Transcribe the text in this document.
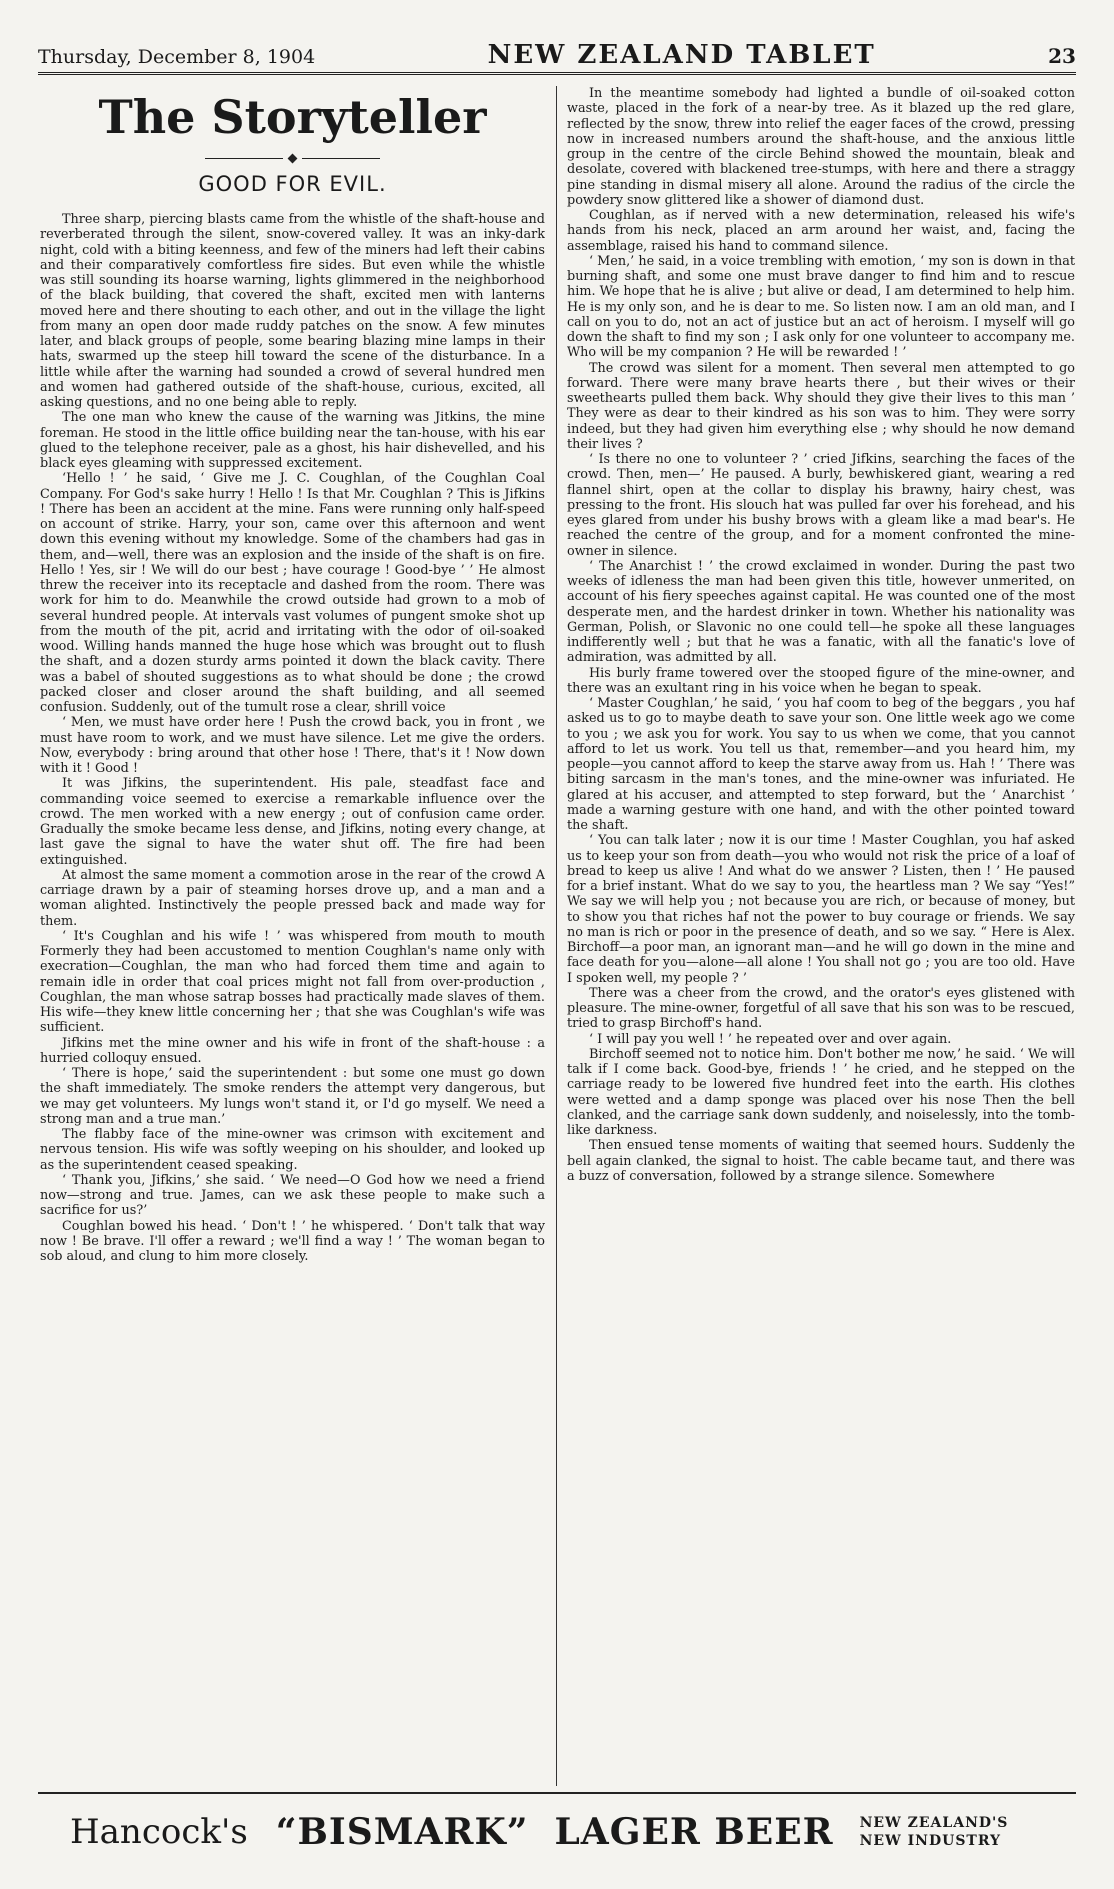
Thursday, December 8, 1904	NEW ZEALAND TABLET	23
The Storyteller
GOOD FOR EVIL.

Three sharp, piercing blasts came from the whistle of the shaft-house and reverberated through the silent, snow-covered valley. It was an inky-dark night, cold with a biting keenness, and few of the miners had left their cabins and their comparatively comfortless fire sides. But even while the whistle was still sounding its hoarse warning, lights glimmered in the neighborhood of the black building, that covered the shaft, excited men with lanterns moved here and there shouting to each other, and out in the village the light from many an open door made ruddy patches on the snow. A few minutes later, and black groups of people, some bearing blazing mine lamps in their hats, swarmed up the steep hill toward the scene of the disturbance. In a little while after the warning had sounded a crowd of several hundred men and women had gathered outside of the shaft-house, curious, excited, all asking questions, and no one being able to reply.

The one man who knew the cause of the warning was Jitkins, the mine foreman. He stood in the little office building near the tan-house, with his ear glued to the telephone receiver, pale as a ghost, his hair dishevelled, and his black eyes gleaming with suppressed excitement.

‘Hello ! ’ he said, ‘ Give me J. C. Coughlan, of the Coughlan Coal Company. For God's sake hurry ! Hello ! Is that Mr. Coughlan ? This is Jifkins ! There has been an accident at the mine. Fans were running only half-speed on account of strike. Harry, your son, came over this afternoon and went down this evening without my knowledge. Some of the chambers had gas in them, and—well, there was an explosion and the inside of the shaft is on fire. Hello ! Yes, sir ! We will do our best ; have courage ! Good-bye ’ ’ He almost threw the receiver into its receptacle and dashed from the room. There was work for him to do. Meanwhile the crowd outside had grown to a mob of several hundred people. At intervals vast volumes of pungent smoke shot up from the mouth of the pit, acrid and irritating with the odor of oil-soaked wood. Willing hands manned the huge hose which was brought out to flush the shaft, and a dozen sturdy arms pointed it down the black cavity. There was a babel of shouted suggestions as to what should be done ; the crowd packed closer and closer around the shaft building, and all seemed confusion. Suddenly, out of the tumult rose a clear, shrill voice

‘ Men, we must have order here ! Push the crowd back, you in front , we must have room to work, and we must have silence. Let me give the orders. Now, everybody : bring around that other hose ! There, that's it ! Now down with it ! Good !

It was Jifkins, the superintendent. His pale, steadfast face and commanding voice seemed to exercise a remarkable influence over the crowd. The men worked with a new energy ; out of confusion came order. Gradually the smoke became less dense, and Jifkins, noting every change, at last gave the signal to have the water shut off. The fire had been extinguished.

At almost the same moment a commotion arose in the rear of the crowd A carriage drawn by a pair of steaming horses drove up, and a man and a woman alighted. Instinctively the people pressed back and made way for them.

‘ It's Coughlan and his wife ! ’ was whispered from mouth to mouth Formerly they had been accustomed to mention Coughlan's name only with execration—Coughlan, the man who had forced them time and again to remain idle in order that coal prices might not fall from over-production , Coughlan, the man whose satrap bosses had practically made slaves of them. His wife—they knew little concerning her ; that she was Coughlan's wife was sufficient.

Jifkins met the mine owner and his wife in front of the shaft-house : a hurried colloquy ensued.

‘ There is hope,’ said the superintendent : but some one must go down the shaft immediately. The smoke renders the attempt very dangerous, but we may get volunteers. My lungs won't stand it, or I'd go myself. We need a strong man and a true man.’

The flabby face of the mine-owner was crimson with excitement and nervous tension. His wife was softly weeping on his shoulder, and looked up as the superintendent ceased speaking.

‘ Thank you, Jifkins,’ she said. ‘ We need—O God how we need a friend now—strong and true. James, can we ask these people to make such a sacrifice for us?’

Coughlan bowed his head. ‘ Don't ! ’ he whispered. ‘ Don't talk that way now ! Be brave. I'll offer a reward ; we'll find a way ! ’ The woman began to sob aloud, and clung to him more closely.

In the meantime somebody had lighted a bundle of oil-soaked cotton waste, placed in the fork of a near-by tree. As it blazed up the red glare, reflected by the snow, threw into relief the eager faces of the crowd, pressing now in increased numbers around the shaft-house, and the anxious little group in the centre of the circle Behind showed the mountain, bleak and desolate, covered with blackened tree-stumps, with here and there a straggy pine standing in dismal misery all alone. Around the radius of the circle the powdery snow glittered like a shower of diamond dust.

Coughlan, as if nerved with a new determination, released his wife's hands from his neck, placed an arm around her waist, and, facing the assemblage, raised his hand to command silence.

‘ Men,’ he said, in a voice trembling with emotion, ‘ my son is down in that burning shaft, and some one must brave danger to find him and to rescue him. We hope that he is alive ; but alive or dead, I am determined to help him. He is my only son, and he is dear to me. So listen now. I am an old man, and I call on you to do, not an act of justice but an act of heroism. I myself will go down the shaft to find my son ; I ask only for one volunteer to accompany me. Who will be my companion ? He will be rewarded ! ’

The crowd was silent for a moment. Then several men attempted to go forward. There were many brave hearts there , but their wives or their sweethearts pulled them back. Why should they give their lives to this man ’ They were as dear to their kindred as his son was to him. They were sorry indeed, but they had given him everything else ; why should he now demand their lives ?

‘ Is there no one to volunteer ? ’ cried Jifkins, searching the faces of the crowd. Then, men—’ He paused. A burly, bewhiskered giant, wearing a red flannel shirt, open at the collar to display his brawny, hairy chest, was pressing to the front. His slouch hat was pulled far over his forehead, and his eyes glared from under his bushy brows with a gleam like a mad bear's. He reached the centre of the group, and for a moment confronted the mine-owner in silence.

‘ The Anarchist ! ’ the crowd exclaimed in wonder. During the past two weeks of idleness the man had been given this title, however unmerited, on account of his fiery speeches against capital. He was counted one of the most desperate men, and the hardest drinker in town. Whether his nationality was German, Polish, or Slavonic no one could tell—he spoke all these languages indifferently well ; but that he was a fanatic, with all the fanatic's love of admiration, was admitted by all.

His burly frame towered over the stooped figure of the mine-owner, and there was an exultant ring in his voice when he began to speak.

‘ Master Coughlan,’ he said, ‘ you haf coom to beg of the beggars , you haf asked us to go to maybe death to save your son. One little week ago we come to you ; we ask you for work. You say to us when we come, that you cannot afford to let us work. You tell us that, remember—and you heard him, my people—you cannot afford to keep the starve away from us. Hah ! ’ There was biting sarcasm in the man's tones, and the mine-owner was infuriated. He glared at his accuser, and attempted to step forward, but the ‘ Anarchist ’ made a warning gesture with one hand, and with the other pointed toward the shaft.

‘ You can talk later ; now it is our time ! Master Coughlan, you haf asked us to keep your son from death—you who would not risk the price of a loaf of bread to keep us alive ! And what do we answer ? Listen, then ! ’ He paused for a brief instant. What do we say to you, the heartless man ? We say “Yes!” We say we will help you ; not because you are rich, or because of money, but to show you that riches haf not the power to buy courage or friends. We say no man is rich or poor in the presence of death, and so we say. “ Here is Alex. Birchoff—a poor man, an ignorant man—and he will go down in the mine and face death for you—alone—all alone ! You shall not go ; you are too old. Have I spoken well, my people ? ’

There was a cheer from the crowd, and the orator's eyes glistened with pleasure. The mine-owner, forgetful of all save that his son was to be rescued, tried to grasp Birchoff's hand.

‘ I will pay you well ! ’ he repeated over and over again.

Birchoff seemed not to notice him. Don't bother me now,’ he said. ‘ We will talk if I come back. Good-bye, friends ! ’ he cried, and he stepped on the carriage ready to be lowered five hundred feet into the earth. His clothes were wetted and a damp sponge was placed over his nose Then the bell clanked, and the carriage sank down suddenly, and noiselessly, into the tomb-like darkness.

Then ensued tense moments of waiting that seemed hours. Suddenly the bell again clanked, the signal to hoist. The cable became taut, and there was a buzz of conversation, followed by a strange silence. Somewhere

Hancock's “BISMARK” LAGER BEER NEW ZEALAND'S
NEW INDUSTRY
